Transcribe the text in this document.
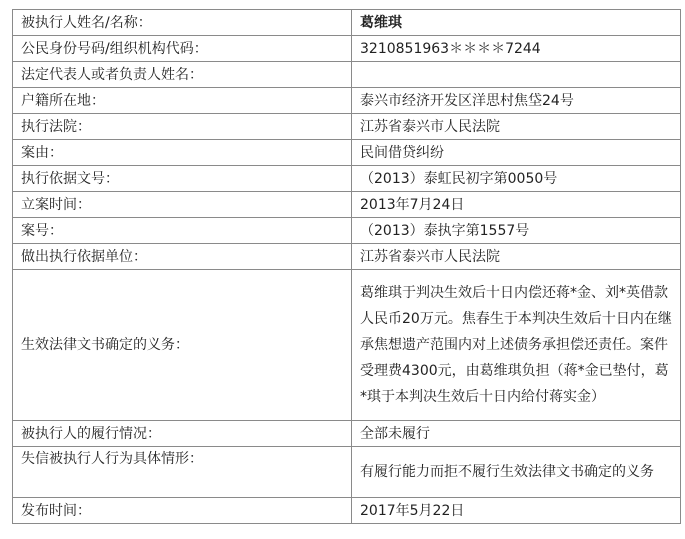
被执行人姓名/名称：	葛维琪
公民身份号码/组织机构代码：	3210851963＊＊＊＊7244
法定代表人或者负责人姓名：	
户籍所在地：	泰兴市经济开发区洋思村焦垈24号
执行法院：	江苏省泰兴市人民法院
案由：	民间借贷纠纷
执行依据文号：	（2013）泰虹民初字第0050号
立案时间：	2013年7月24日
案号：	（2013）泰执字第1557号
做出执行依据单位：	江苏省泰兴市人民法院
生效法律文书确定的义务：	葛维琪于判决生效后十日内偿还蒋*金、刘*英借款人民币20万元。焦春生于本判决生效后十日内在继承焦想遗产范围内对上述债务承担偿还责任。案件受理费4300元，由葛维琪负担（蒋*金已垫付，葛*琪于本判决生效后十日内给付蒋实金）
被执行人的履行情况：	全部未履行
失信被执行人行为具体情形：	有履行能力而拒不履行生效法律文书确定的义务
发布时间：	2017年5月22日
